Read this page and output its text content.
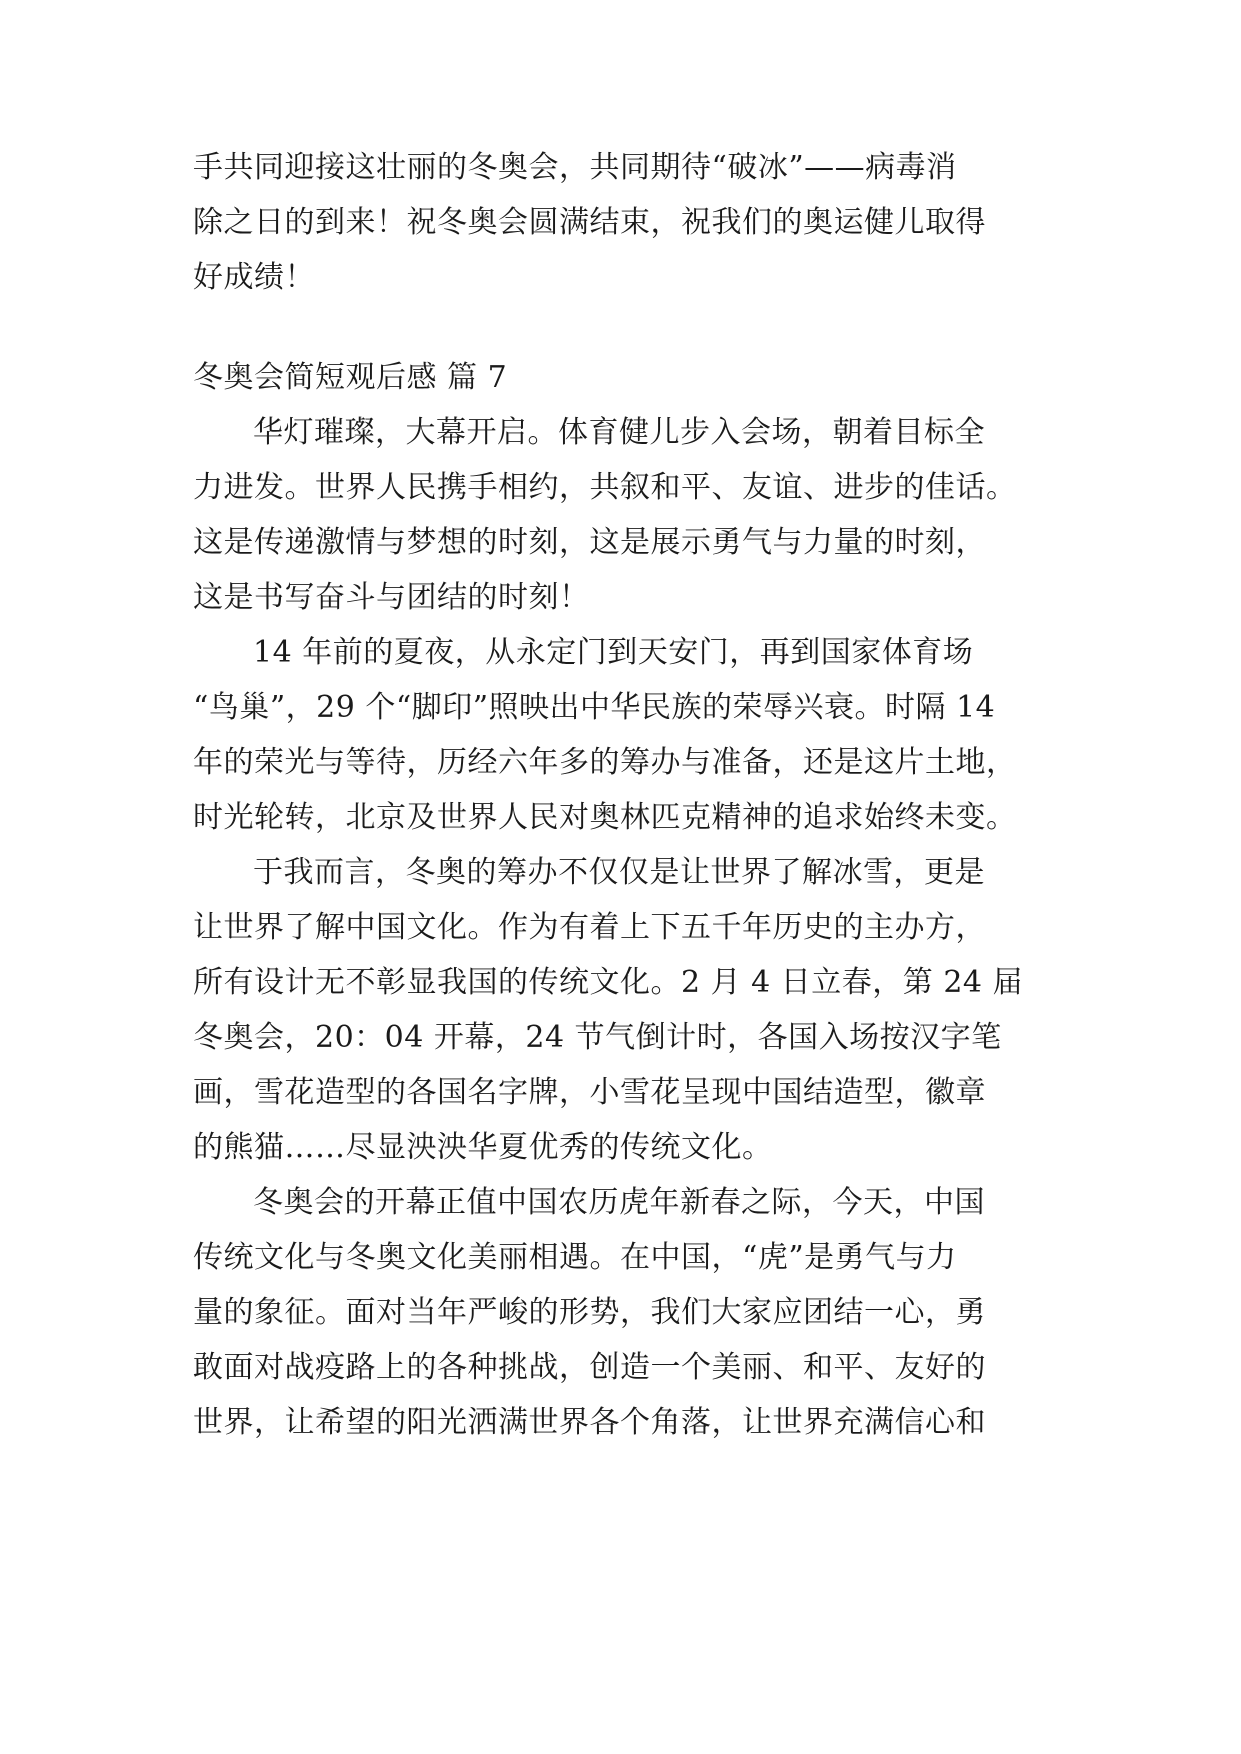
手共同迎接这壮丽的冬奥会，共同期待“破冰”——病毒消
除之日的到来！祝冬奥会圆满结束，祝我们的奥运健儿取得
好成绩！
冬奥会简短观后感 篇 7
华灯璀璨，大幕开启。体育健儿步入会场，朝着目标全
力进发。世界人民携手相约，共叙和平、友谊、进步的佳话。
这是传递激情与梦想的时刻，这是展示勇气与力量的时刻，
这是书写奋斗与团结的时刻！
14 年前的夏夜，从永定门到天安门，再到国家体育场
“鸟巢”，29 个“脚印”照映出中华民族的荣辱兴衰。时隔 14
年的荣光与等待，历经六年多的筹办与准备，还是这片土地，
时光轮转，北京及世界人民对奥林匹克精神的追求始终未变。
于我而言，冬奥的筹办不仅仅是让世界了解冰雪，更是
让世界了解中国文化。作为有着上下五千年历史的主办方，
所有设计无不彰显我国的传统文化。2 月 4 日立春，第 24 届
冬奥会，20：04 开幕，24 节气倒计时，各国入场按汉字笔
画，雪花造型的各国名字牌，小雪花呈现中国结造型，徽章
的熊猫……尽显泱泱华夏优秀的传统文化。
冬奥会的开幕正值中国农历虎年新春之际，今天，中国
传统文化与冬奥文化美丽相遇。在中国，“虎”是勇气与力
量的象征。面对当年严峻的形势，我们大家应团结一心，勇
敢面对战疫路上的各种挑战，创造一个美丽、和平、友好的
世界，让希望的阳光洒满世界各个角落，让世界充满信心和
